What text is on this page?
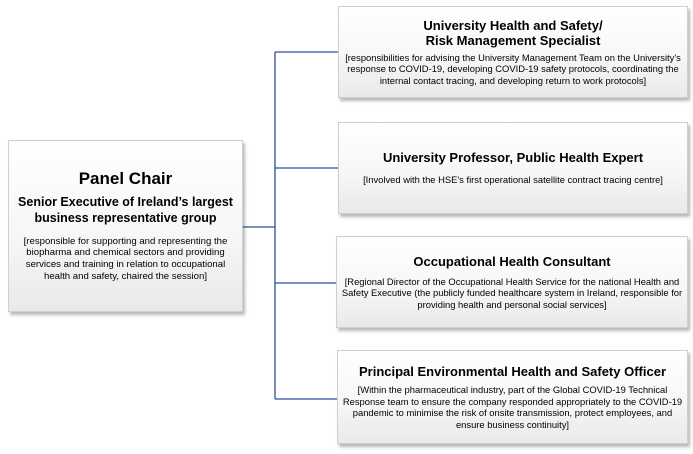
Panel Chair
Senior Executive of Ireland’s largest business representative group
[responsible for supporting and representing the biopharma and chemical sectors and providing services and training in relation to occupational health and safety, chaired the session]
University Health and Safety/
Risk Management Specialist
[responsibilities for advising the University Management Team on the University's response to COVID-19, developing COVID-19 safety protocols, coordinating the internal contact tracing, and developing return to work protocols]
University Professor, Public Health Expert
[Involved with the HSE's first operational satellite contract tracing centre]
Occupational Health Consultant
[Regional Director of the Occupational Health Service for the national Health and Safety Executive (the publicly funded healthcare system in Ireland, responsible for providing health and personal social services]
Principal Environmental Health and Safety Officer
[Within the pharmaceutical industry, part of the Global COVID-19 Technical Response team to ensure the company responded appropriately to the COVID-19 pandemic to minimise the risk of onsite transmission, protect employees, and ensure business continuity]
